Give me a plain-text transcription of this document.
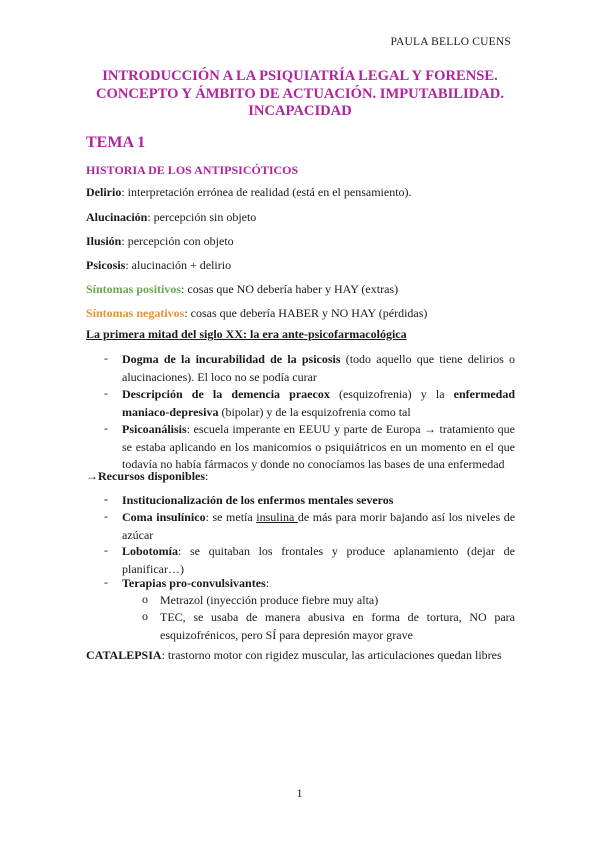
PAULA BELLO CUENS
INTRODUCCIÓN A LA PSIQUIATRÍA LEGAL Y FORENSE.
CONCEPTO Y ÁMBITO DE ACTUACIÓN. IMPUTABILIDAD.
INCAPACIDAD
TEMA 1
HISTORIA DE LOS ANTIPSICÓTICOS
Delirio: interpretación errónea de realidad (está en el pensamiento).
Alucinación: percepción sin objeto
Ilusión: percepción con objeto
Psicosis: alucinación + delirio
Síntomas positivos: cosas que NO debería haber y HAY (extras)
Síntomas negativos: cosas que debería HABER y NO HAY (pérdidas)
La primera mitad del siglo XX: la era ante-psicofarmacológica
- Dogma de la incurabilidad de la psicosis (todo aquello que tiene delirios o
alucinaciones). El loco no se podía curar
- Descripción de la demencia praecox (esquizofrenia) y la enfermedad
maniaco-depresiva (bipolar) y de la esquizofrenia como tal
- Psicoanálisis: escuela imperante en EEUU y parte de Europa → tratamiento que
se estaba aplicando en los manicomios o psiquiátricos en un momento en el que
todavía no había fármacos y donde no conocíamos las bases de una enfermedad
→Recursos disponibles:
- Institucionalización de los enfermos mentales severos
- Coma insulínico: se metía insulina de más para morir bajando así los niveles de
azúcar
- Lobotomía: se quitaban los frontales y produce aplanamiento (dejar de
planificar…)
- Terapias pro-convulsivantes:
o Metrazol (inyección produce fiebre muy alta)
o TEC, se usaba de manera abusiva en forma de tortura, NO para
esquizofrénicos, pero SÍ para depresión mayor grave
CATALEPSIA: trastorno motor con rigidez muscular, las articulaciones quedan libres
1
